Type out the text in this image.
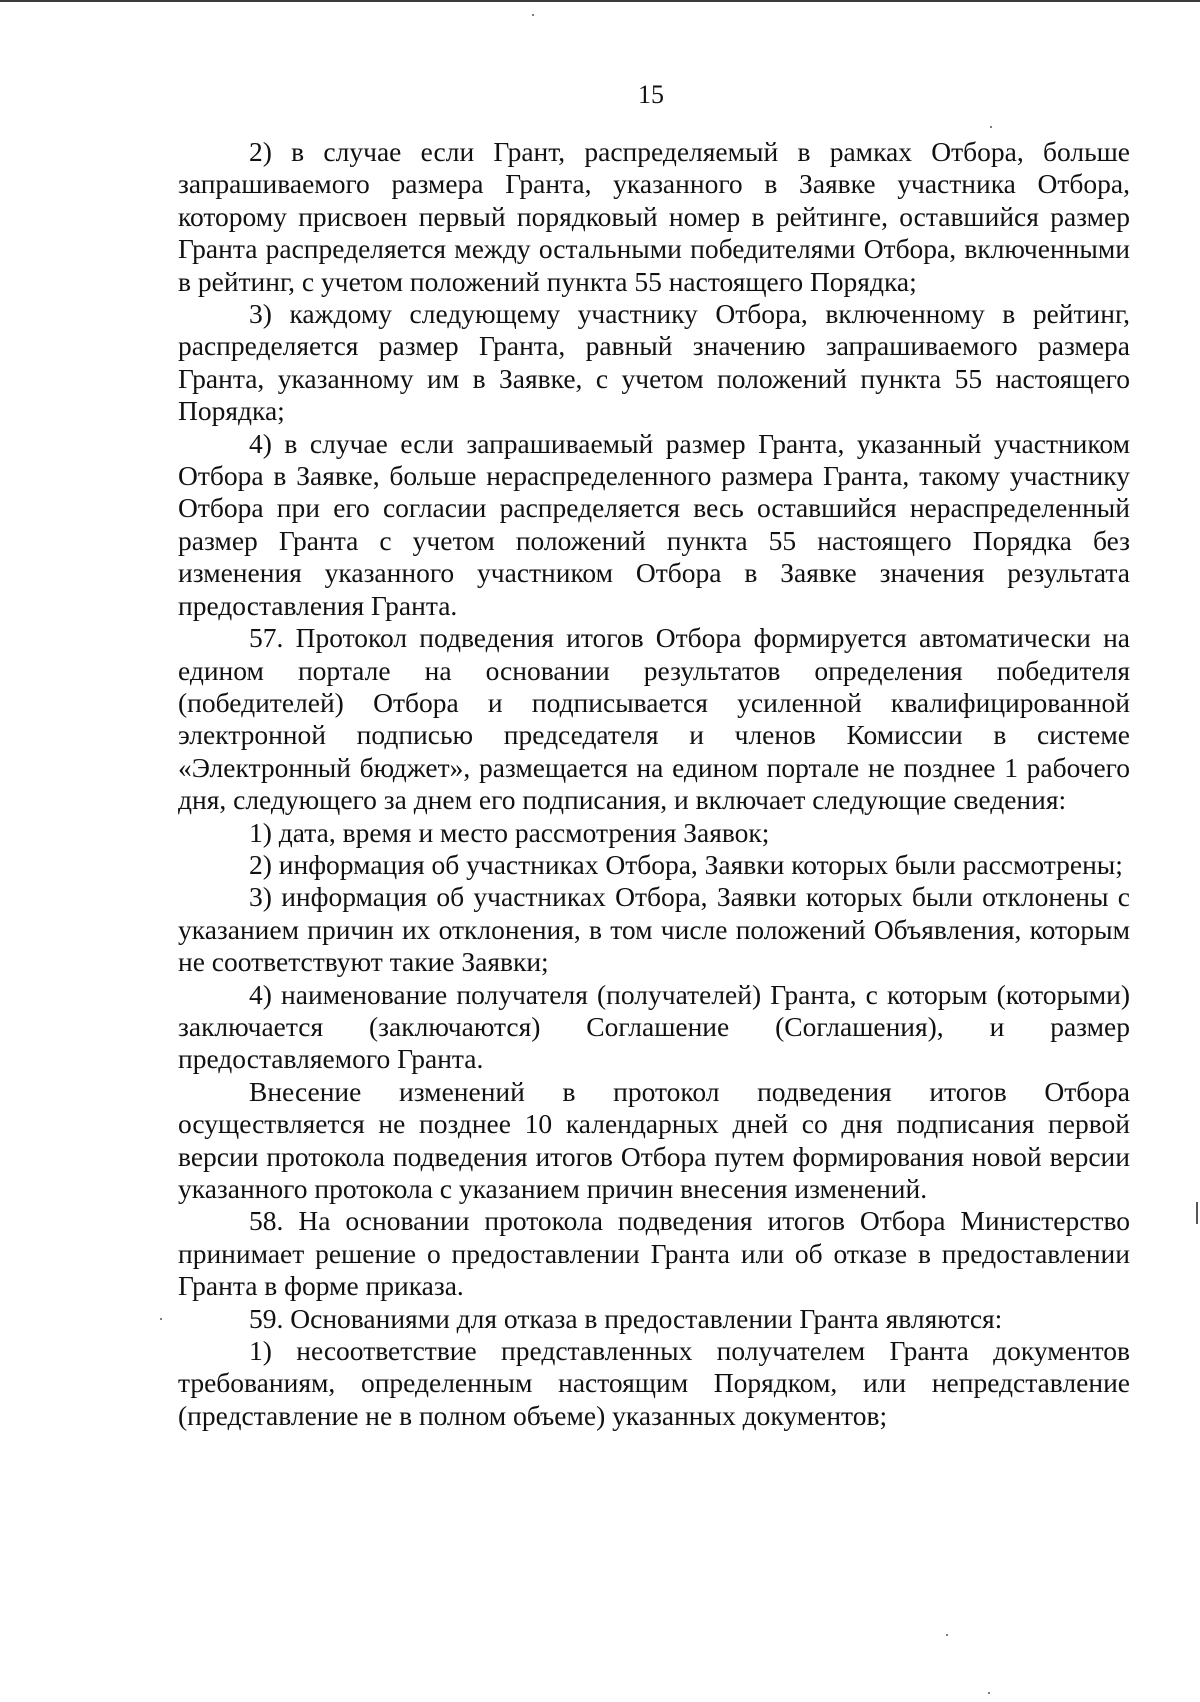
15

2) в случае если Грант, распределяемый в рамках Отбора, больше запрашиваемого размера Гранта, указанного в Заявке участника Отбора, которому присвоен первый порядковый номер в рейтинге, оставшийся размер Гранта распределяется между остальными победителями Отбора, включенными в рейтинг, с учетом положений пункта 55 настоящего Порядка;

3) каждому следующему участнику Отбора, включенному в рейтинг, распределяется размер Гранта, равный значению запрашиваемого размера Гранта, указанному им в Заявке, с учетом положений пункта 55 настоящего Порядка;

4) в случае если запрашиваемый размер Гранта, указанный участником Отбора в Заявке, больше нераспределенного размера Гранта, такому участнику Отбора при его согласии распределяется весь оставшийся нераспределенный размер Гранта с учетом положений пункта 55 настоящего Порядка без изменения указанного участником Отбора в Заявке значения результата предоставления Гранта.

57. Протокол подведения итогов Отбора формируется автоматически на едином портале на основании результатов определения победителя (победителей) Отбора и подписывается усиленной квалифицированной электронной подписью председателя и членов Комиссии в системе «Электронный бюджет», размещается на едином портале не позднее 1 рабочего дня, следующего за днем его подписания, и включает следующие сведения:

1) дата, время и место рассмотрения Заявок;

2) информация об участниках Отбора, Заявки которых были рассмотрены;

3) информация об участниках Отбора, Заявки которых были отклонены с указанием причин их отклонения, в том числе положений Объявления, которым не соответствуют такие Заявки;

4) наименование получателя (получателей) Гранта, с которым (которыми) заключается (заключаются) Соглашение (Соглашения), и размер предоставляемого Гранта.

Внесение изменений в протокол подведения итогов Отбора осуществляется не позднее 10 календарных дней со дня подписания первой версии протокола подведения итогов Отбора путем формирования новой версии указанного протокола с указанием причин внесения изменений.

58. На основании протокола подведения итогов Отбора Министерство принимает решение о предоставлении Гранта или об отказе в предоставлении Гранта в форме приказа.

59. Основаниями для отказа в предоставлении Гранта являются:

1) несоответствие представленных получателем Гранта документов требованиям, определенным настоящим Порядком, или непредставление (представление не в полном объеме) указанных документов;
